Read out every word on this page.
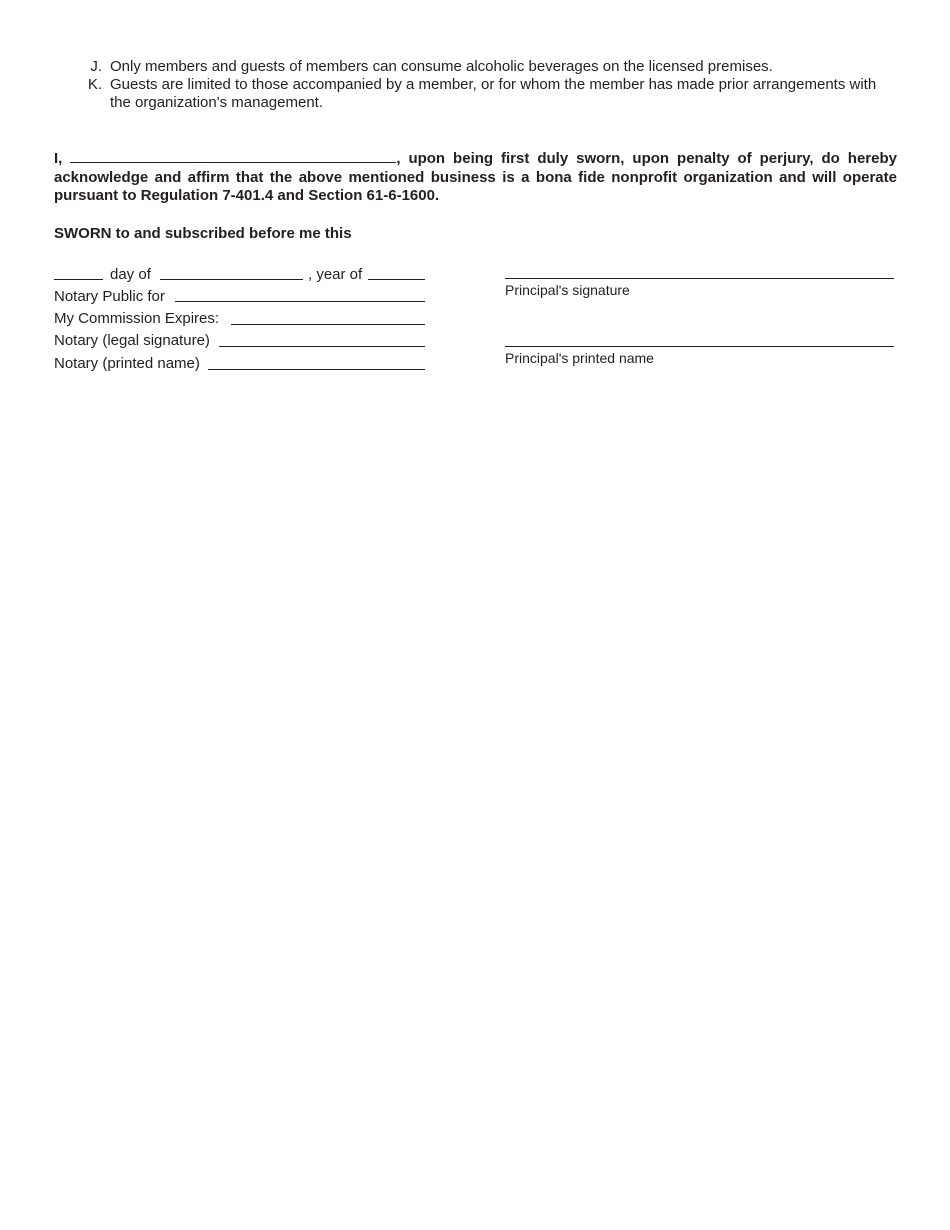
J. Only members and guests of members can consume alcoholic beverages on the licensed premises.
K. Guests are limited to those accompanied by a member, or for whom the member has made prior arrangements with the organization's management.
I,	, upon being first duly sworn, upon penalty of perjury, do hereby acknowledge and affirm that the above mentioned business is a bona fide nonprofit organization and will operate pursuant to Regulation 7-401.4 and Section 61-6-1600.
SWORN to and subscribed before me this
day of	, year of
Notary Public for
My Commission Expires:
Notary (legal signature)
Notary (printed name)
Principal's signature
Principal's printed name
